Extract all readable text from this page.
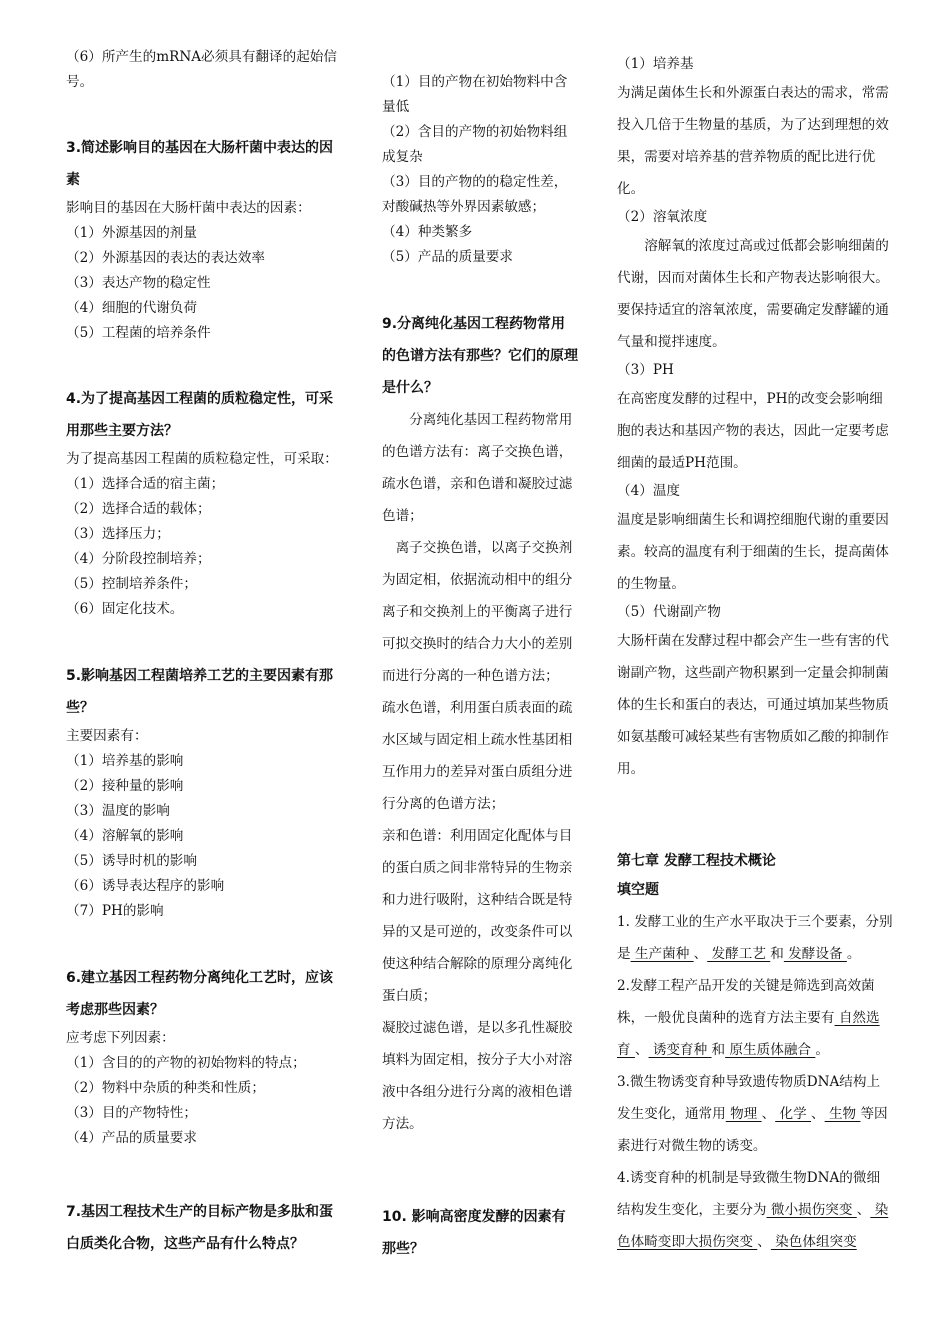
（6）所产生的mRNA必须具有翻译的起始信号。

3.简述影响目的基因在大肠杆菌中表达的因素

影响目的基因在大肠杆菌中表达的因素：

（1）外源基因的剂量

（2）外源基因的表达的表达效率

（3）表达产物的稳定性

（4）细胞的代谢负荷

（5）工程菌的培养条件

4.为了提高基因工程菌的质粒稳定性，可采用那些主要方法？

为了提高基因工程菌的质粒稳定性，可采取：

（1）选择合适的宿主菌；

（2）选择合适的载体；

（3）选择压力；

（4）分阶段控制培养；

（5）控制培养条件；

（6）固定化技术。

5.影响基因工程菌培养工艺的主要因素有那些？

主要因素有：

（1）培养基的影响

（2）接种量的影响

（3）温度的影响

（4）溶解氧的影响

（5）诱导时机的影响

（6）诱导表达程序的影响

（7）PH的影响

6.建立基因工程药物分离纯化工艺时，应该考虑那些因素？

应考虑下列因素：

（1）含目的的产物的初始物料的特点；

（2）物料中杂质的种类和性质；

（3）目的产物特性；

（4）产品的质量要求

7.基因工程技术生产的目标产物是多肽和蛋白质类化合物，这些产品有什么特点？

（1）目的产物在初始物料中含量低

（2）含目的产物的初始物料组成复杂

（3）目的产物的的稳定性差，对酸碱热等外界因素敏感；

（4）种类繁多

（5）产品的质量要求

9.分离纯化基因工程药物常用的色谱方法有那些？它们的原理是什么？

分离纯化基因工程药物常用的色谱方法有：离子交换色谱，疏水色谱，亲和色谱和凝胶过滤色谱；

离子交换色谱，以离子交换剂为固定相，依据流动相中的组分离子和交换剂上的平衡离子进行可拟交换时的结合力大小的差别而进行分离的一种色谱方法；

疏水色谱，利用蛋白质表面的疏水区域与固定相上疏水性基团相互作用力的差异对蛋白质组分进行分离的色谱方法；

亲和色谱：利用固定化配体与目的蛋白质之间非常特异的生物亲和力进行吸附，这种结合既是特异的又是可逆的，改变条件可以使这种结合解除的原理分离纯化蛋白质；

凝胶过滤色谱，是以多孔性凝胶填料为固定相，按分子大小对溶液中各组分进行分离的液相色谱方法。

10. 影响高密度发酵的因素有那些？

（1）培养基

为满足菌体生长和外源蛋白表达的需求，常需投入几倍于生物量的基质，为了达到理想的效果，需要对培养基的营养物质的配比进行优化。

（2）溶氧浓度

溶解氧的浓度过高或过低都会影响细菌的代谢，因而对菌体生长和产物表达影响很大。要保持适宜的溶氧浓度，需要确定发酵罐的通气量和搅拌速度。

（3）PH

在高密度发酵的过程中，PH的改变会影响细胞的表达和基因产物的表达，因此一定要考虑细菌的最适PH范围。

（4）温度

温度是影响细菌生长和调控细胞代谢的重要因素。较高的温度有利于细菌的生长，提高菌体的生物量。

（5）代谢副产物

大肠杆菌在发酵过程中都会产生一些有害的代谢副产物，这些副产物积累到一定量会抑制菌体的生长和蛋白的表达，可通过填加某些物质如氨基酸可减轻某些有害物质如乙酸的抑制作用。

第七章 发酵工程技术概论

填空题

1. 发酵工业的生产水平取决于三个要素，分别是 生产菌种 、 发酵工艺 和 发酵设备 。

2.发酵工程产品开发的关键是筛选到高效菌株，一般优良菌种的选育方法主要有 自然选育 、 诱变育种 和 原生质体融合 。

3.微生物诱变育种导致遗传物质DNA结构上发生变化，通常用 物理 、 化学 、 生物 等因素进行对微生物的诱变。

4.诱变育种的机制是导致微生物DNA的微细结构发生变化，主要分为 微小损伤突变 、 染色体畸变即大损伤突变 、 染色体组突变
